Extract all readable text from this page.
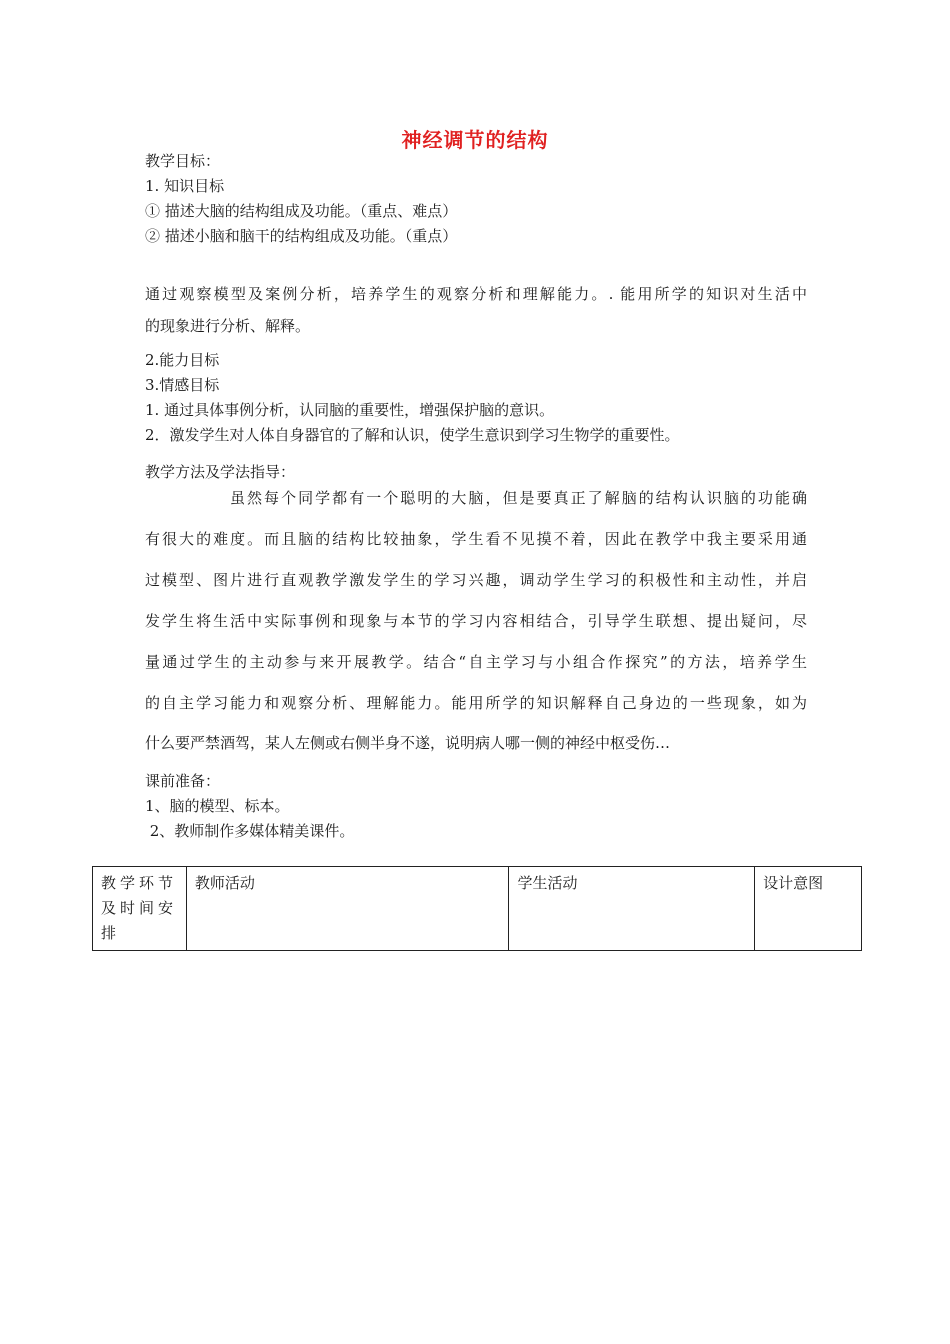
神经调节的结构
教学目标：
1. 知识目标
① 描述大脑的结构组成及功能。（重点、难点）
② 描述小脑和脑干的结构组成及功能。（重点）
通过观察模型及案例分析，培养学生的观察分析和理解能力。. 能用所学的知识对生活中
的现象进行分析、解释。
2.能力目标
3.情感目标
1. 通过具体事例分析，认同脑的重要性，增强保护脑的意识。
2．激发学生对人体自身器官的了解和认识，使学生意识到学习生物学的重要性。
教学方法及学法指导：
虽然每个同学都有一个聪明的大脑，但是要真正了解脑的结构认识脑的功能确
有很大的难度。而且脑的结构比较抽象，学生看不见摸不着，因此在教学中我主要采用通
过模型、图片进行直观教学激发学生的学习兴趣，调动学生学习的积极性和主动性，并启
发学生将生活中实际事例和现象与本节的学习内容相结合，引导学生联想、提出疑问，尽
量通过学生的主动参与来开展教学。结合“自主学习与小组合作探究”的方法，培养学生
的自主学习能力和观察分析、理解能力。能用所学的知识解释自己身边的一些现象，如为
什么要严禁酒驾，某人左侧或右侧半身不遂，说明病人哪一侧的神经中枢受伤…
课前准备：
1、脑的模型、标本。
2、教师制作多媒体精美课件。
教学环节及时间安排	教师活动	学生活动	设计意图
